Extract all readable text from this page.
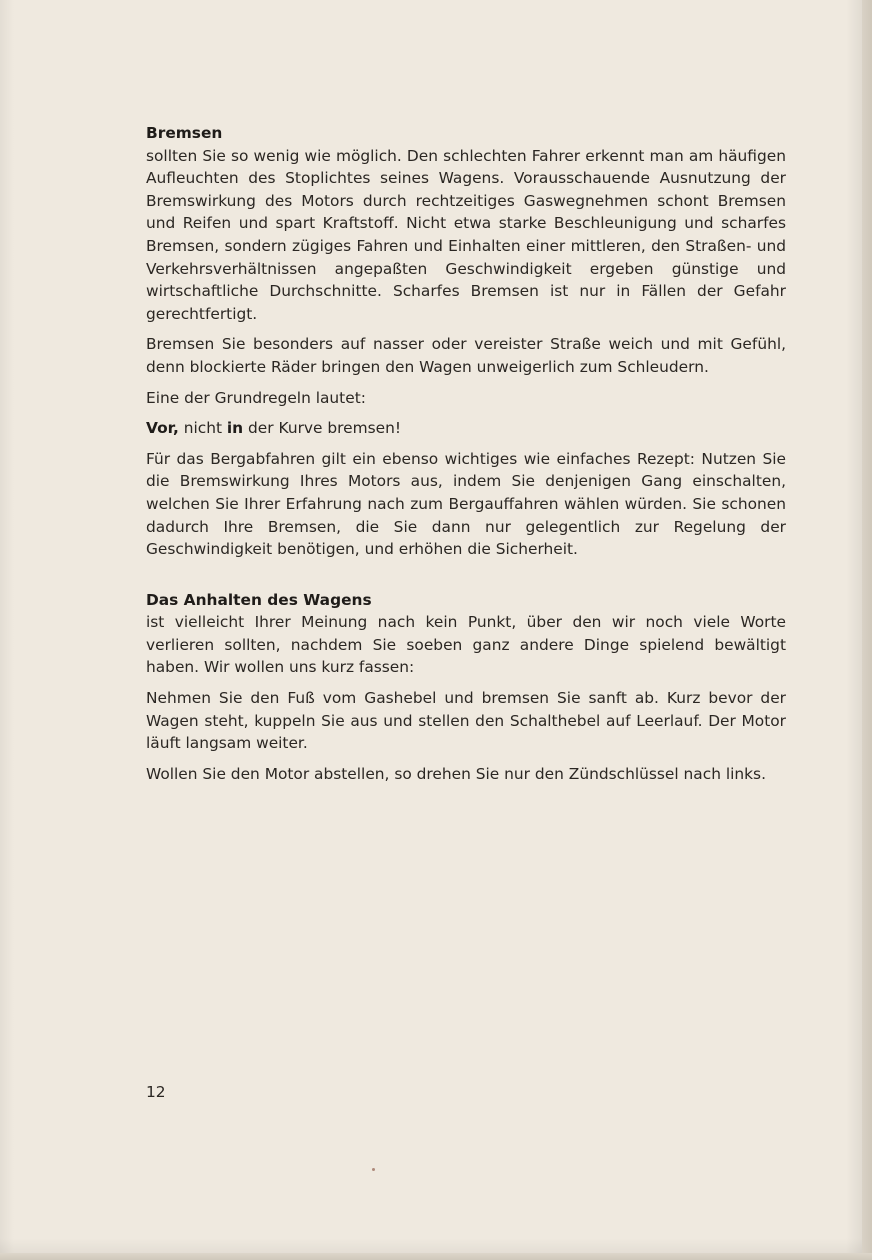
Bremsen

sollten Sie so wenig wie möglich. Den schlechten Fahrer erkennt man am häufigen Aufleuchten des Stoplichtes seines Wagens. Vorausschauende Ausnutzung der Bremswirkung des Motors durch rechtzeitiges Gaswegnehmen schont Bremsen und Reifen und spart Kraftstoff. Nicht etwa starke Beschleunigung und scharfes Bremsen, sondern zügiges Fahren und Einhalten einer mittleren, den Straßen- und Verkehrsverhältnissen angepaßten Geschwindigkeit ergeben günstige und wirtschaftliche Durchschnitte. Scharfes Bremsen ist nur in Fällen der Gefahr gerechtfertigt.

Bremsen Sie besonders auf nasser oder vereister Straße weich und mit Gefühl, denn blockierte Räder bringen den Wagen unweigerlich zum Schleudern.

Eine der Grundregeln lautet:

Vor, nicht in der Kurve bremsen!

Für das Bergabfahren gilt ein ebenso wichtiges wie einfaches Rezept: Nutzen Sie die Bremswirkung Ihres Motors aus, indem Sie denjenigen Gang einschalten, welchen Sie Ihrer Erfahrung nach zum Bergauffahren wählen würden. Sie schonen dadurch Ihre Bremsen, die Sie dann nur gelegentlich zur Regelung der Geschwindigkeit benötigen, und erhöhen die Sicherheit.

Das Anhalten des Wagens

ist vielleicht Ihrer Meinung nach kein Punkt, über den wir noch viele Worte verlieren sollten, nachdem Sie soeben ganz andere Dinge spielend bewältigt haben. Wir wollen uns kurz fassen:

Nehmen Sie den Fuß vom Gashebel und bremsen Sie sanft ab. Kurz bevor der Wagen steht, kuppeln Sie aus und stellen den Schalthebel auf Leerlauf. Der Motor läuft langsam weiter.

Wollen Sie den Motor abstellen, so drehen Sie nur den Zündschlüssel nach links.

12
